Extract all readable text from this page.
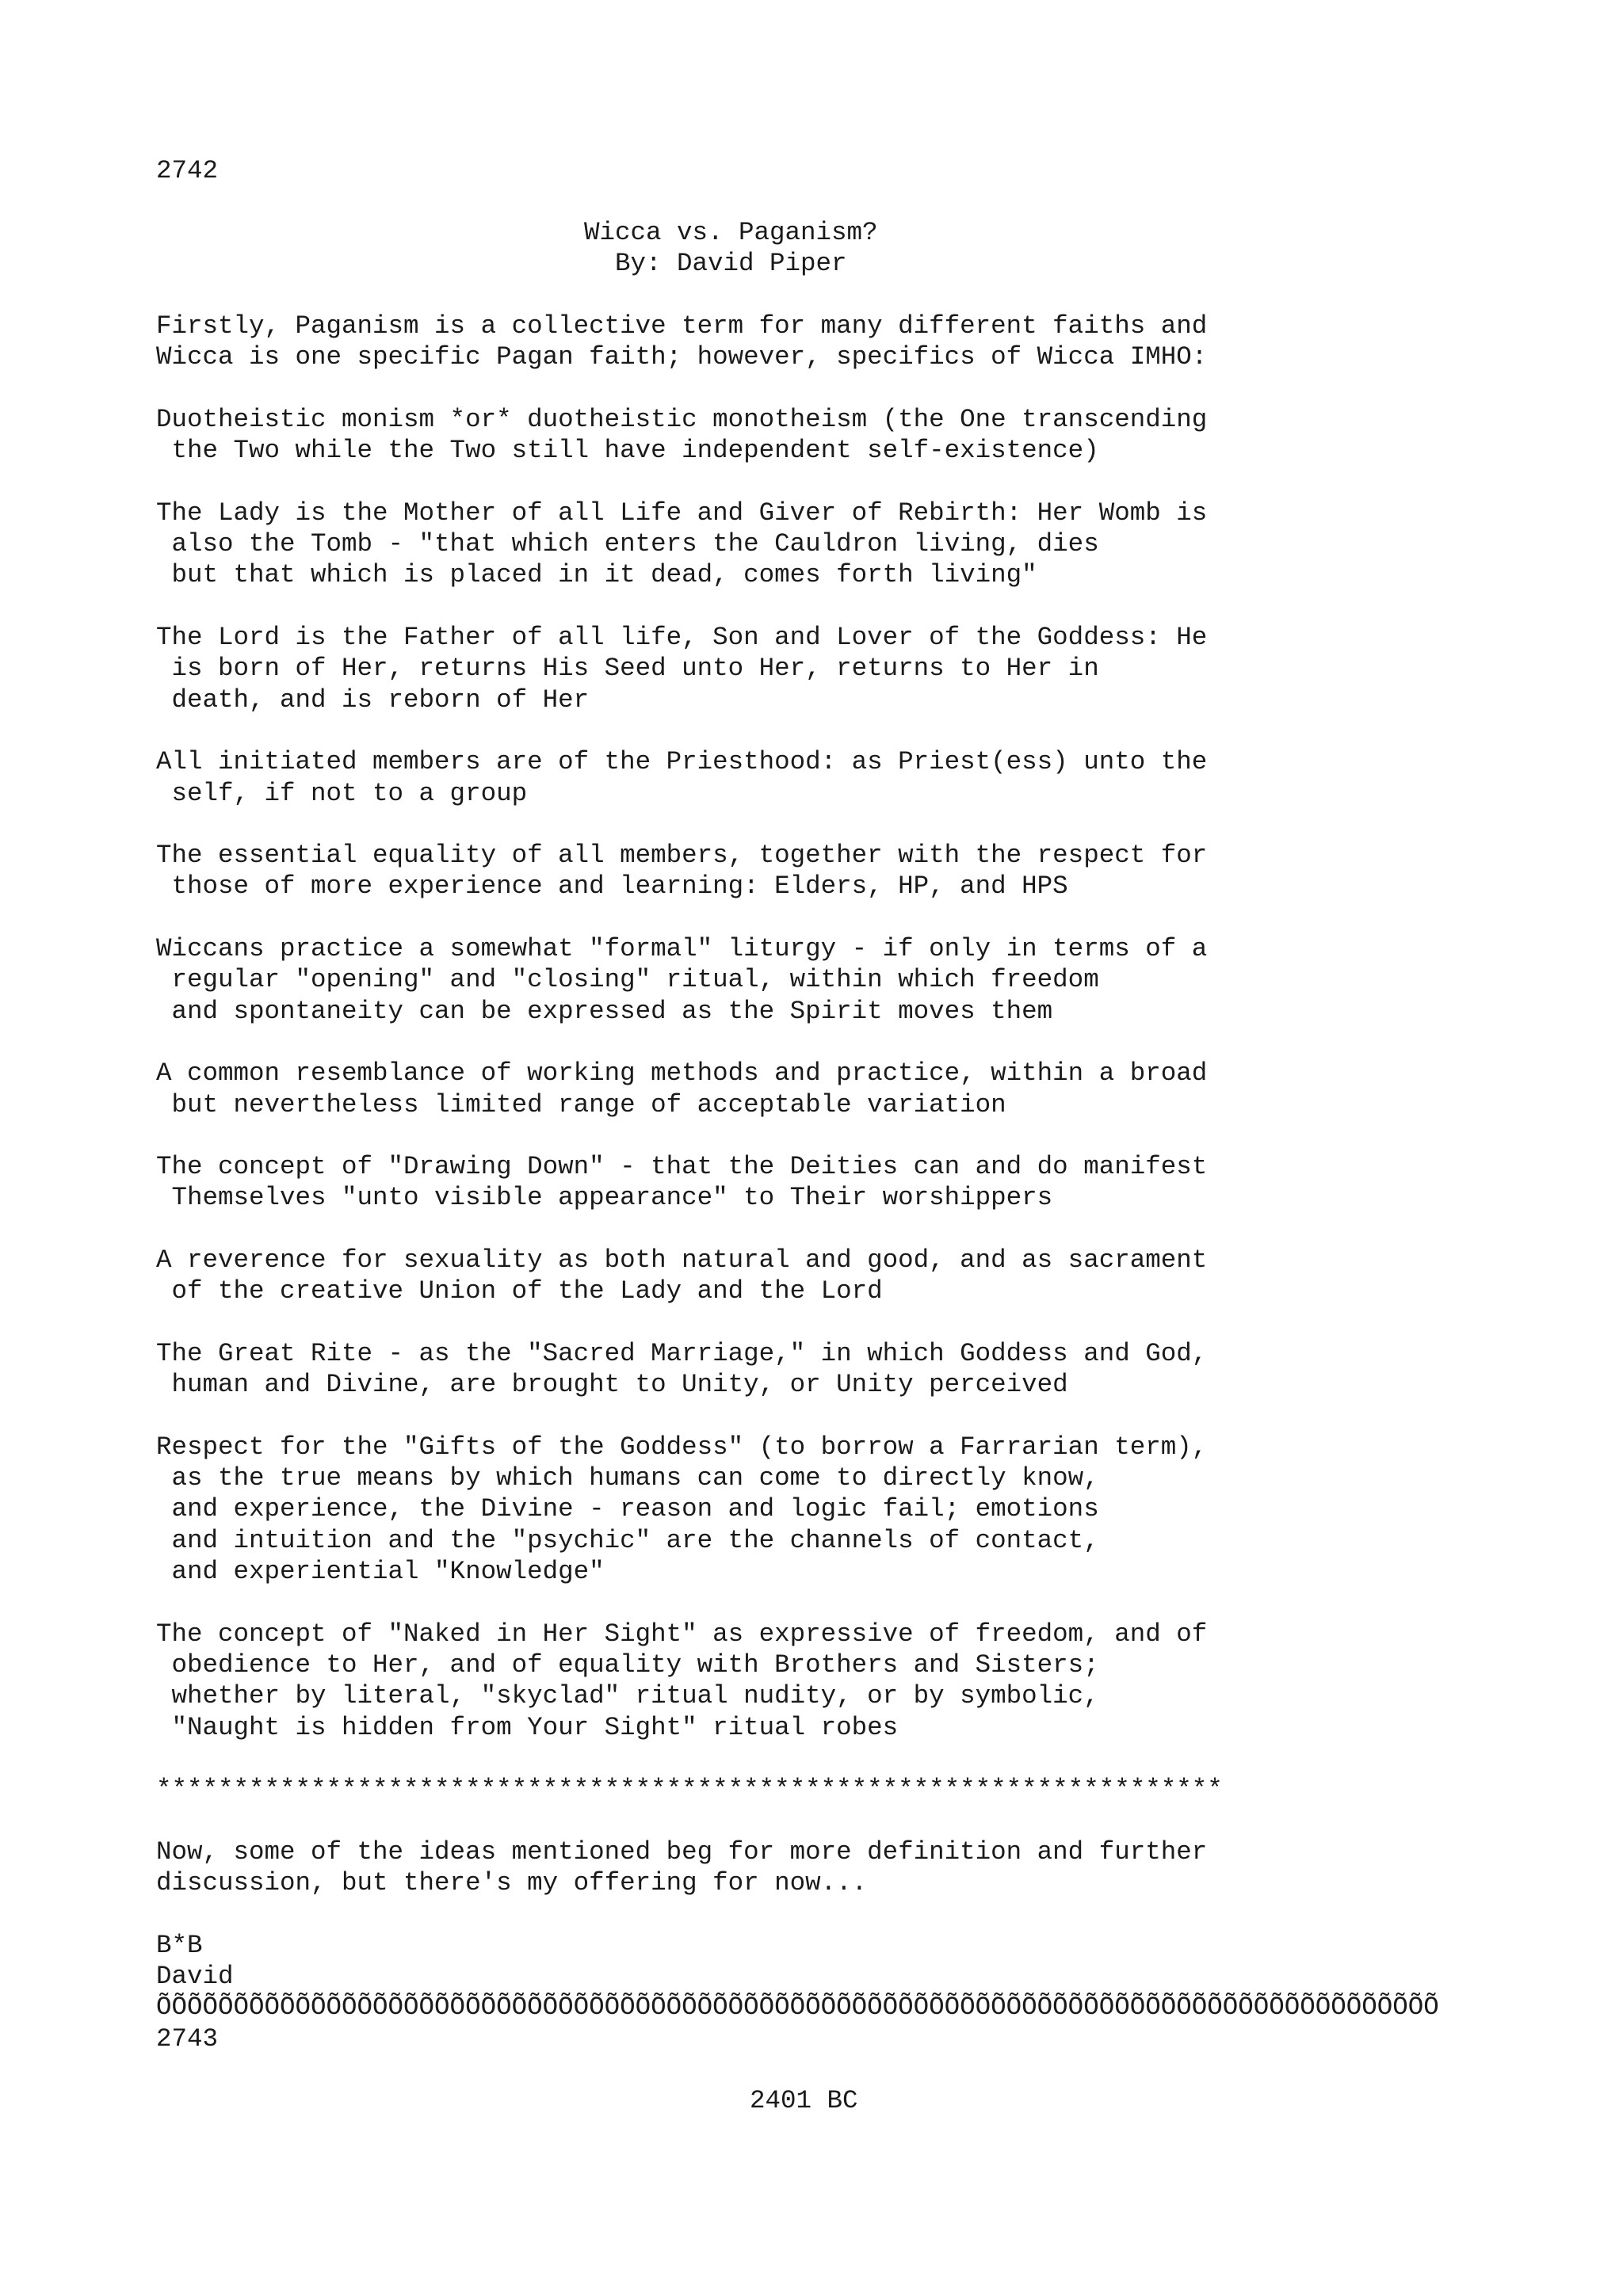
2742
Wicca vs. Paganism?
By: David Piper
Firstly, Paganism is a collective term for many different faiths and
Wicca is one specific Pagan faith; however, specifics of Wicca IMHO:
Duotheistic monism *or* duotheistic monotheism (the One transcending
the Two while the Two still have independent self-existence)
The Lady is the Mother of all Life and Giver of Rebirth: Her Womb is
also the Tomb - "that which enters the Cauldron living, dies
but that which is placed in it dead, comes forth living"
The Lord is the Father of all life, Son and Lover of the Goddess: He
is born of Her, returns His Seed unto Her, returns to Her in
death, and is reborn of Her
All initiated members are of the Priesthood: as Priest(ess) unto the
self, if not to a group
The essential equality of all members, together with the respect for
those of more experience and learning: Elders, HP, and HPS
Wiccans practice a somewhat "formal" liturgy - if only in terms of a
regular "opening" and "closing" ritual, within which freedom
and spontaneity can be expressed as the Spirit moves them
A common resemblance of working methods and practice, within a broad
but nevertheless limited range of acceptable variation
The concept of "Drawing Down" - that the Deities can and do manifest
Themselves "unto visible appearance" to Their worshippers
A reverence for sexuality as both natural and good, and as sacrament
of the creative Union of the Lady and the Lord
The Great Rite - as the "Sacred Marriage," in which Goddess and God,
human and Divine, are brought to Unity, or Unity perceived
Respect for the "Gifts of the Goddess" (to borrow a Farrarian term),
as the true means by which humans can come to directly know,
and experience, the Divine - reason and logic fail; emotions
and intuition and the "psychic" are the channels of contact,
and experiential "Knowledge"
The concept of "Naked in Her Sight" as expressive of freedom, and of
obedience to Her, and of equality with Brothers and Sisters;
whether by literal, "skyclad" ritual nudity, or by symbolic,
"Naught is hidden from Your Sight" ritual robes
*********************************************************************
Now, some of the ideas mentioned beg for more definition and further
discussion, but there's my offering for now...
B*B
David
ÕÕÕÕÕÕÕÕÕÕÕÕÕÕÕÕÕÕÕÕÕÕÕÕÕÕÕÕÕÕÕÕÕÕÕÕÕÕÕÕÕÕÕÕÕÕÕÕÕÕÕÕÕÕÕÕÕÕÕÕÕÕÕÕÕÕÕÕÕÕÕÕÕÕÕÕÕÕÕÕÕÕÕ
2743
2401 BC
